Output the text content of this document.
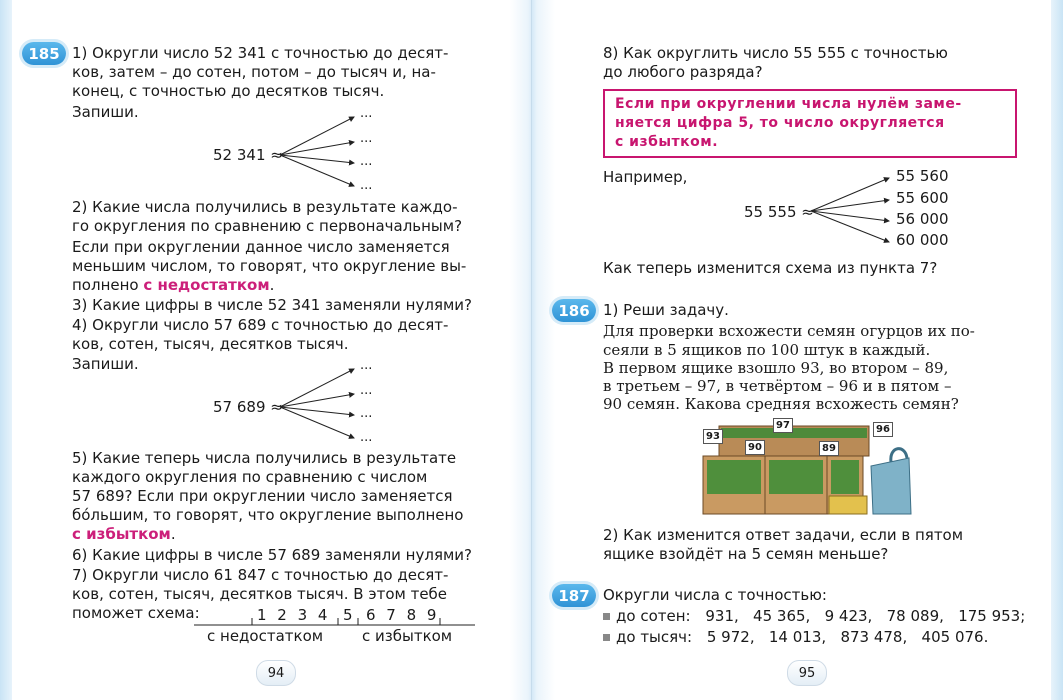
185 1) Округли число 52 341 с точностью до десят-
ков, затем – до сотен, потом – до тысяч и, на-
конец, с точностью до десятков тысяч.
Запиши.
52 341 ≈
...
...
...
...
2) Какие числа получились в результате каждо-
го округления по сравнению с первоначальным?
Если при округлении данное число заменяется
меньшим числом, то говорят, что округление вы-
полнено с недостатком.
3) Какие цифры в числе 52 341 заменяли нулями?
4) Округли число 57 689 с точностью до десят-
ков, сотен, тысяч, десятков тысяч.
Запиши.
57 689 ≈
...
...
...
...
5) Какие теперь числа получились в результате
каждого округления по сравнению с числом
57 689? Если при округлении число заменяется
бо́льшим, то говорят, что округление выполнено
с избытком.
6) Какие цифры в числе 57 689 заменяли нулями?
7) Округли число 61 847 с точностью до десят-
ков, сотен, тысяч, десятков тысяч. В этом тебе
поможет схема:	1 2 3 4 5 6 7 8 9
с недостатком	с избытком
94
8) Как округлить число 55 555 с точностью
до любого разряда?
Если при округлении числа нулём заме-
няется цифра 5, то число округляется
с избытком.
Например,
55 555 ≈
55 560
55 600
56 000
60 000
Как теперь изменится схема из пункта 7?
186 1) Реши задачу.
Для проверки всхожести семян огурцов их по-
сеяли в 5 ящиков по 100 штук в каждый.
В первом ящике взошло 93, во втором – 89,
в третьем – 97, в четвёртом – 96 и в пятом –
90 семян. Какова средняя всхожесть семян?
93
97
89
96
90
2) Как изменится ответ задачи, если в пятом
ящике взойдёт на 5 семян меньше?
187 Округли числа с точностью:
до сотен: 931,   45 365,   9 423,   78 089,   175 953;
до тысяч: 5 972,   14 013,   873 478,   405 076.
95
